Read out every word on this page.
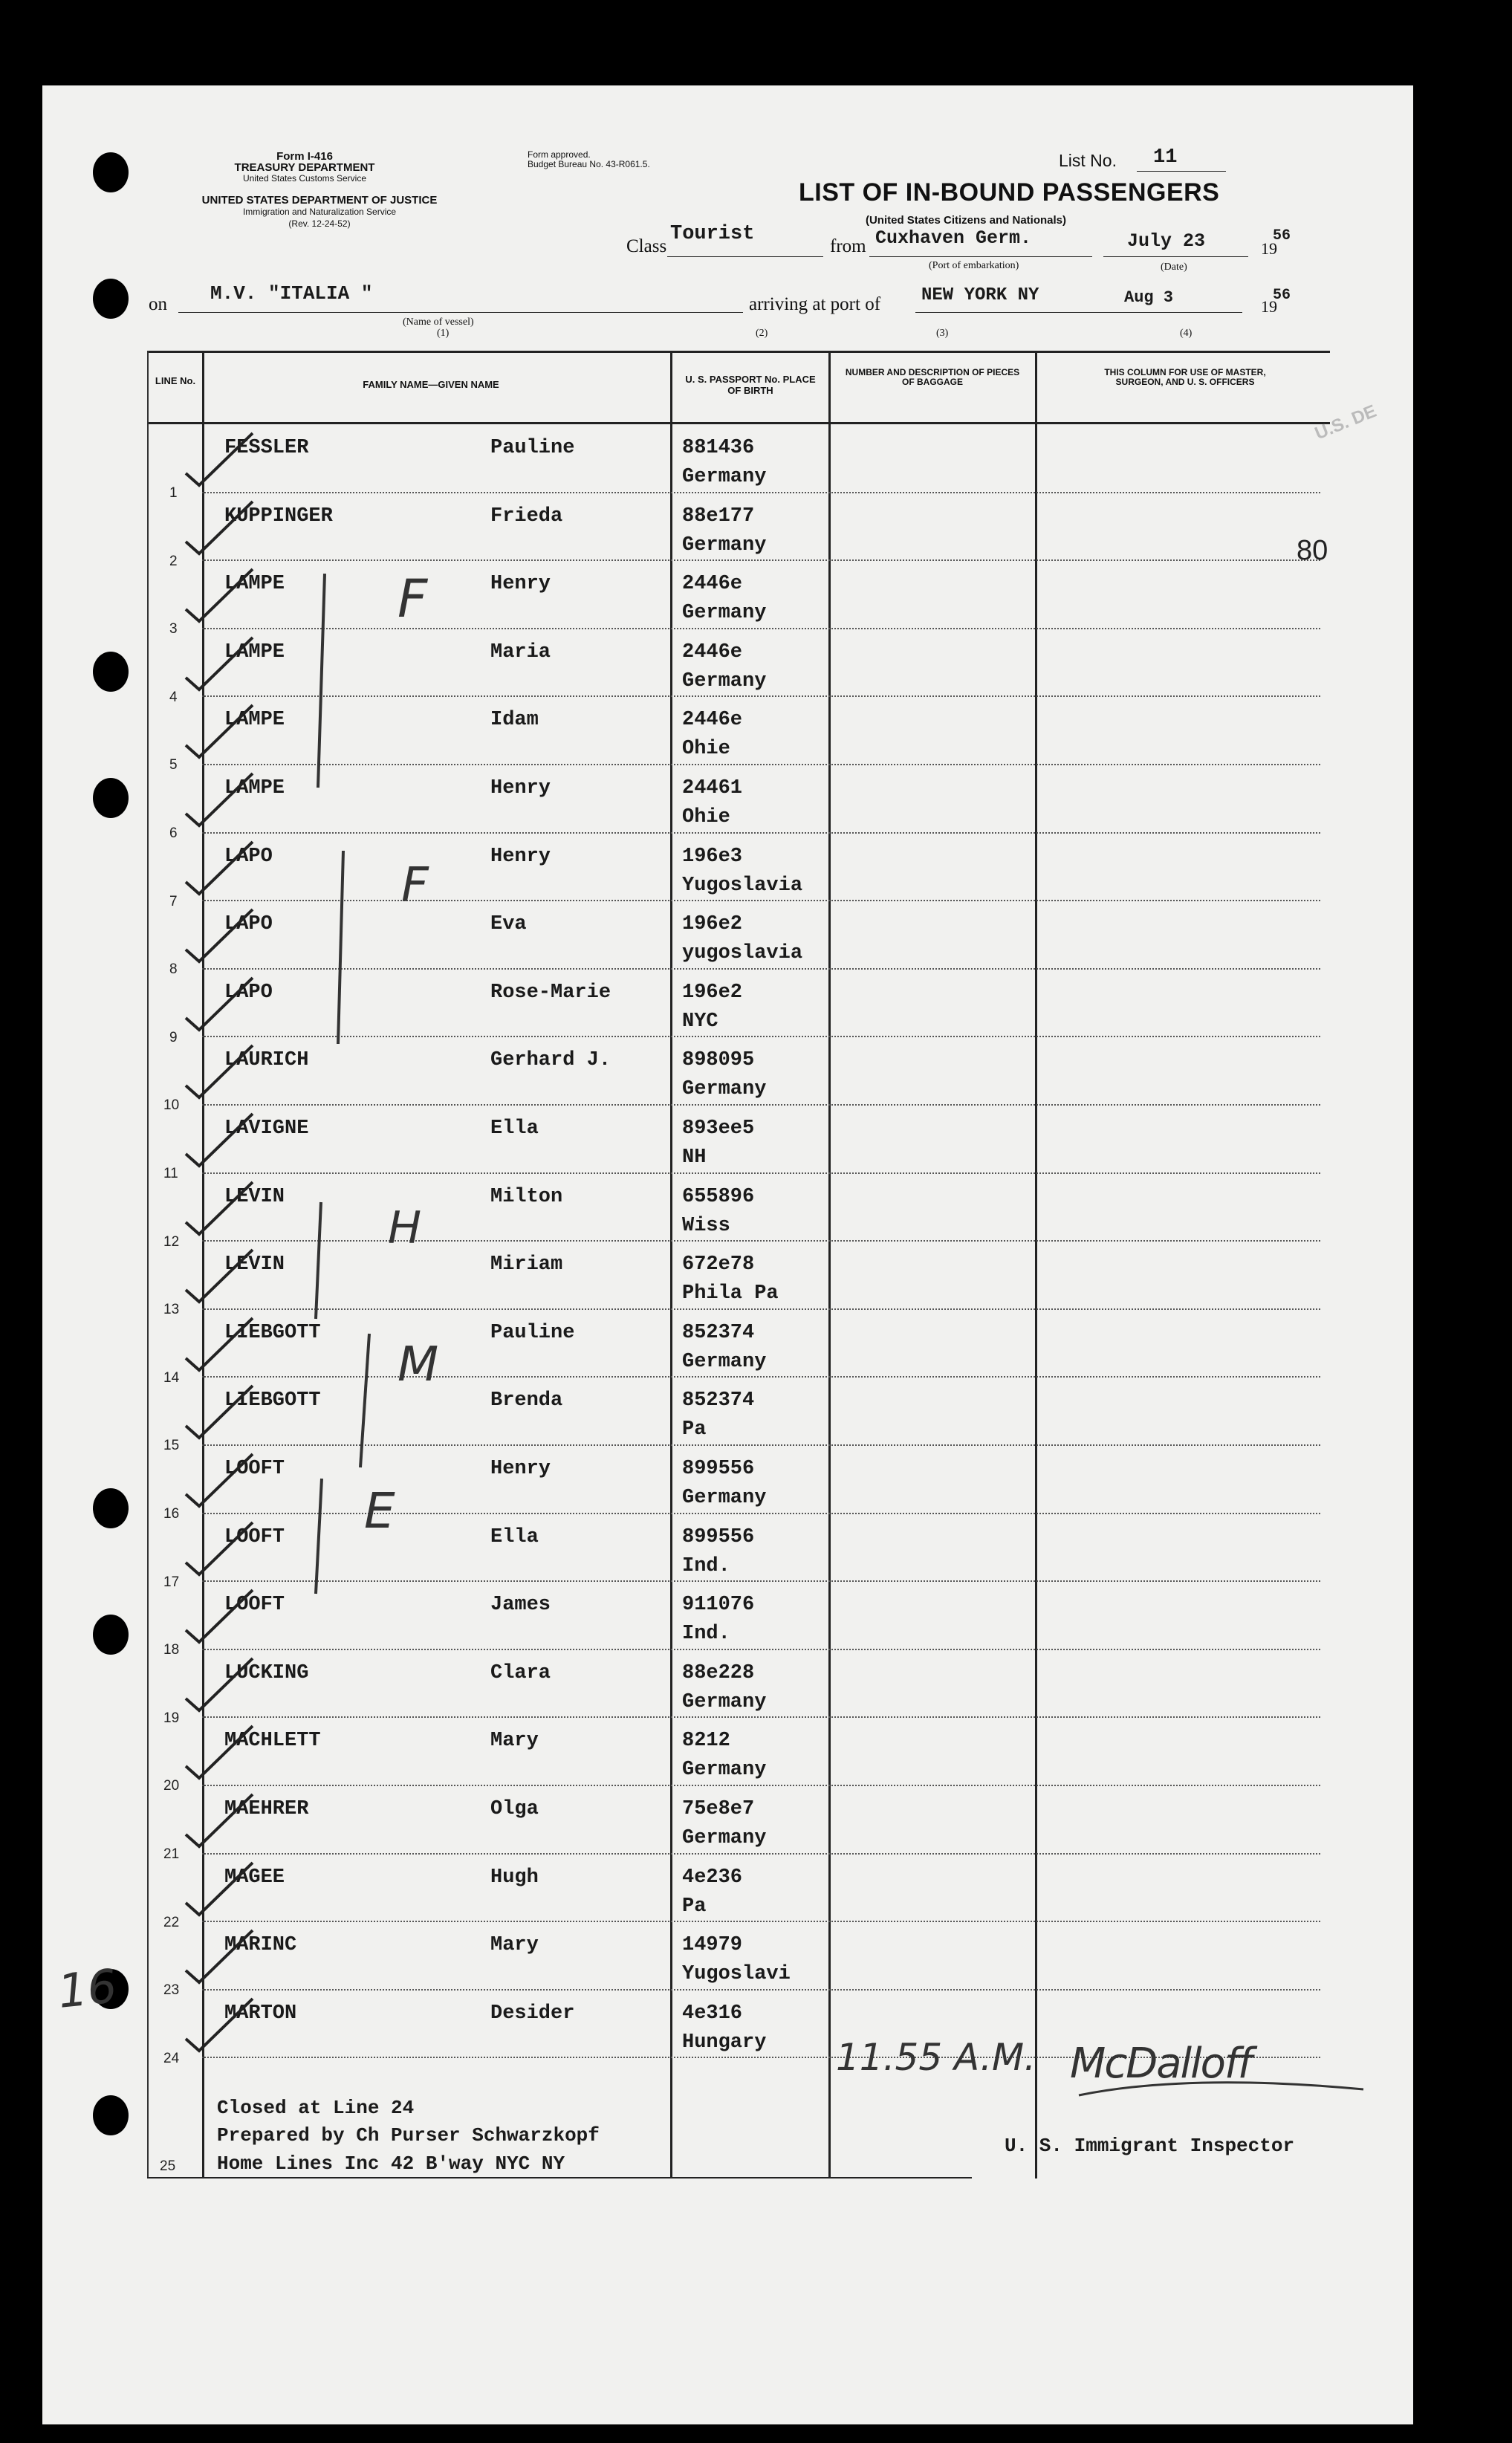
Form I-416
TREASURY DEPARTMENT
United States Customs Service
UNITED STATES DEPARTMENT OF JUSTICE
Immigration and Naturalization Service
(Rev. 12-24-52)
Form approved.
Budget Bureau No. 43-R061.5.	List No. 11
LIST OF IN-BOUND PASSENGERS
(United States Citizens and Nationals)
Class
Tourist
from Cuxhaven Germ.	July 23	19
56
(Port of embarkation)	(Date)
on M.V. "ITALIA "
(Name of vessel)
(1)
arriving at port of NEW YORK NY	Aug 3	19
56
(2)	(3)	(4)
LINE No.	FAMILY NAME—GIVEN NAME	U. S. PASSPORT No. PLACE OF BIRTH
NUMBER AND DESCRIPTION OF PIECES OF BAGGAGE
THIS COLUMN FOR USE OF MASTER, SURGEON, AND U. S. OFFICERS
1
FESSLER	Pauline	881436
Germany
2
KUPPINGER	Frieda	88e177
Germany
3
LAMPE	Henry	2446e
Germany
4
LAMPE	Maria	2446e
Germany
5
LAMPE	Idam	2446e
Ohie
6
LAMPE	Henry	24461
Ohie
7
LAPO	Henry	196e3
Yugoslavia
8
LAPO	Eva	196e2
yugoslavia
9
LAPO	Rose-Marie	196e2
NYC
10
LAURICH	Gerhard J.	898095
Germany
11
LAVIGNE	Ella	893ee5
NH
12
LEVIN	Milton	655896
Wiss
13
LEVIN	Miriam	672e78
Phila Pa
14
LIEBGOTT	Pauline	852374
Germany
15
LIEBGOTT	Brenda	852374
Pa
16
LOOFT	Henry	899556
Germany
17
LOOFT	Ella	899556
Ind.
18
LOOFT	James	911076
Ind.
19
LUCKING	Clara	88e228
Germany
20
MACHLETT	Mary	8212
Germany
21
MAEHRER	Olga	75e8e7
Germany
22
MAGEE	Hugh	4e236
Pa
23
MARINC	Mary	14979
Yugoslavi
24
MARTON	Desider	4e316
Hungary
25
80
16
U.S. DE
Closed at Line 24
Prepared by Ch Purser Schwarzkopf
Home Lines Inc 42 B'way NYC NY
11.55 A.M. McDalloff
U. S. Immigrant Inspector
F
F
H
M
E
